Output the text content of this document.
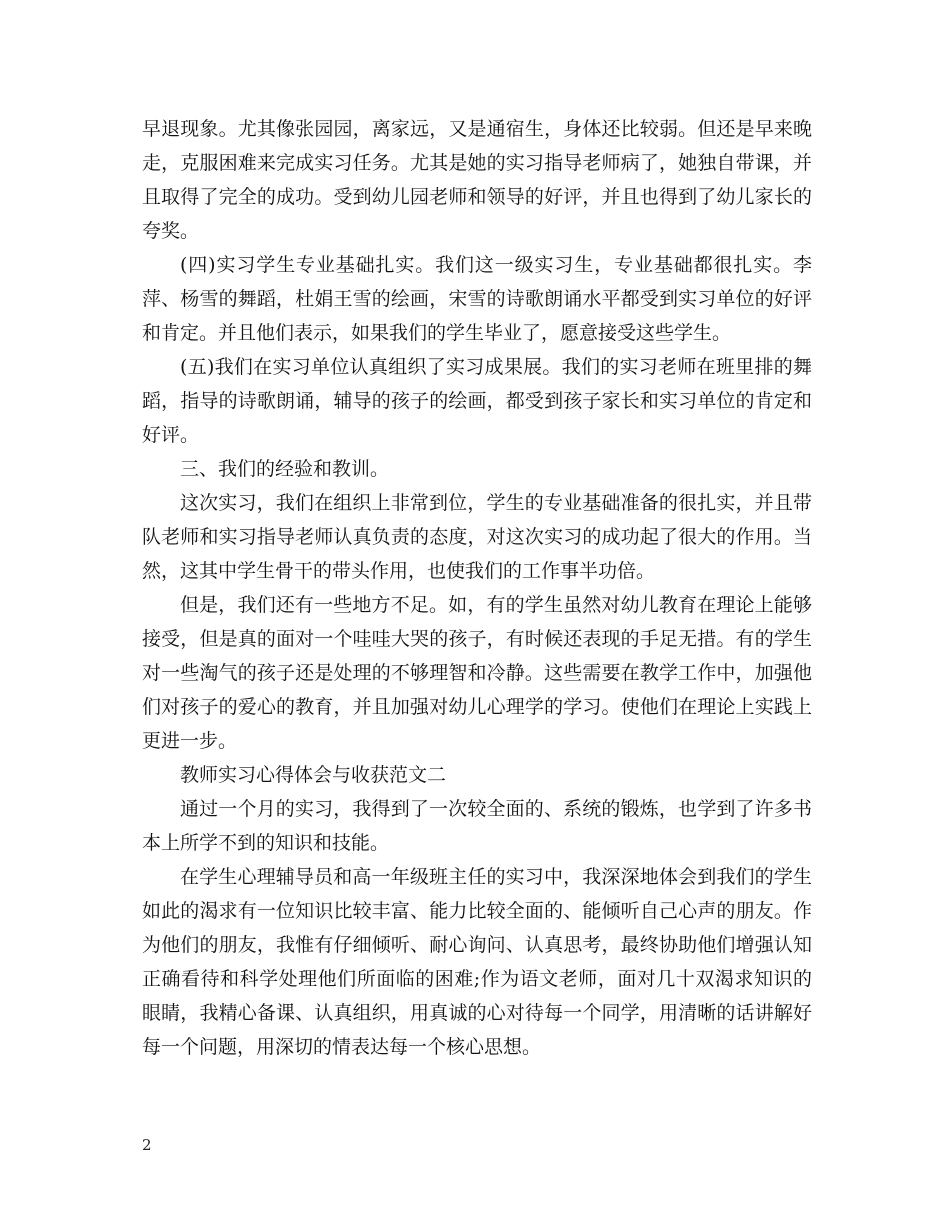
早退现象。尤其像张园园，离家远，又是通宿生，身体还比较弱。但还是早来晚走，克服困难来完成实习任务。尤其是她的实习指导老师病了，她独自带课，并且取得了完全的成功。受到幼儿园老师和领导的好评，并且也得到了幼儿家长的夸奖。

(四)实习学生专业基础扎实。我们这一级实习生，专业基础都很扎实。李萍、杨雪的舞蹈，杜娟王雪的绘画，宋雪的诗歌朗诵水平都受到实习单位的好评和肯定。并且他们表示，如果我们的学生毕业了，愿意接受这些学生。

(五)我们在实习单位认真组织了实习成果展。我们的实习老师在班里排的舞蹈，指导的诗歌朗诵，辅导的孩子的绘画，都受到孩子家长和实习单位的肯定和好评。

三、我们的经验和教训。

这次实习，我们在组织上非常到位，学生的专业基础准备的很扎实，并且带队老师和实习指导老师认真负责的态度，对这次实习的成功起了很大的作用。当然，这其中学生骨干的带头作用，也使我们的工作事半功倍。

但是，我们还有一些地方不足。如，有的学生虽然对幼儿教育在理论上能够接受，但是真的面对一个哇哇大哭的孩子，有时候还表现的手足无措。有的学生对一些淘气的孩子还是处理的不够理智和冷静。这些需要在教学工作中，加强他们对孩子的爱心的教育，并且加强对幼儿心理学的学习。使他们在理论上实践上更进一步。

教师实习心得体会与收获范文二

通过一个月的实习，我得到了一次较全面的、系统的锻炼，也学到了许多书本上所学不到的知识和技能。

在学生心理辅导员和高一年级班主任的实习中，我深深地体会到我们的学生如此的渴求有一位知识比较丰富、能力比较全面的、能倾听自己心声的朋友。作为他们的朋友，我惟有仔细倾听、耐心询问、认真思考，最终协助他们增强认知正确看待和科学处理他们所面临的困难;作为语文老师，面对几十双渴求知识的眼睛，我精心备课、认真组织，用真诚的心对待每一个同学，用清晰的话讲解好每一个问题，用深切的情表达每一个核心思想。

2
